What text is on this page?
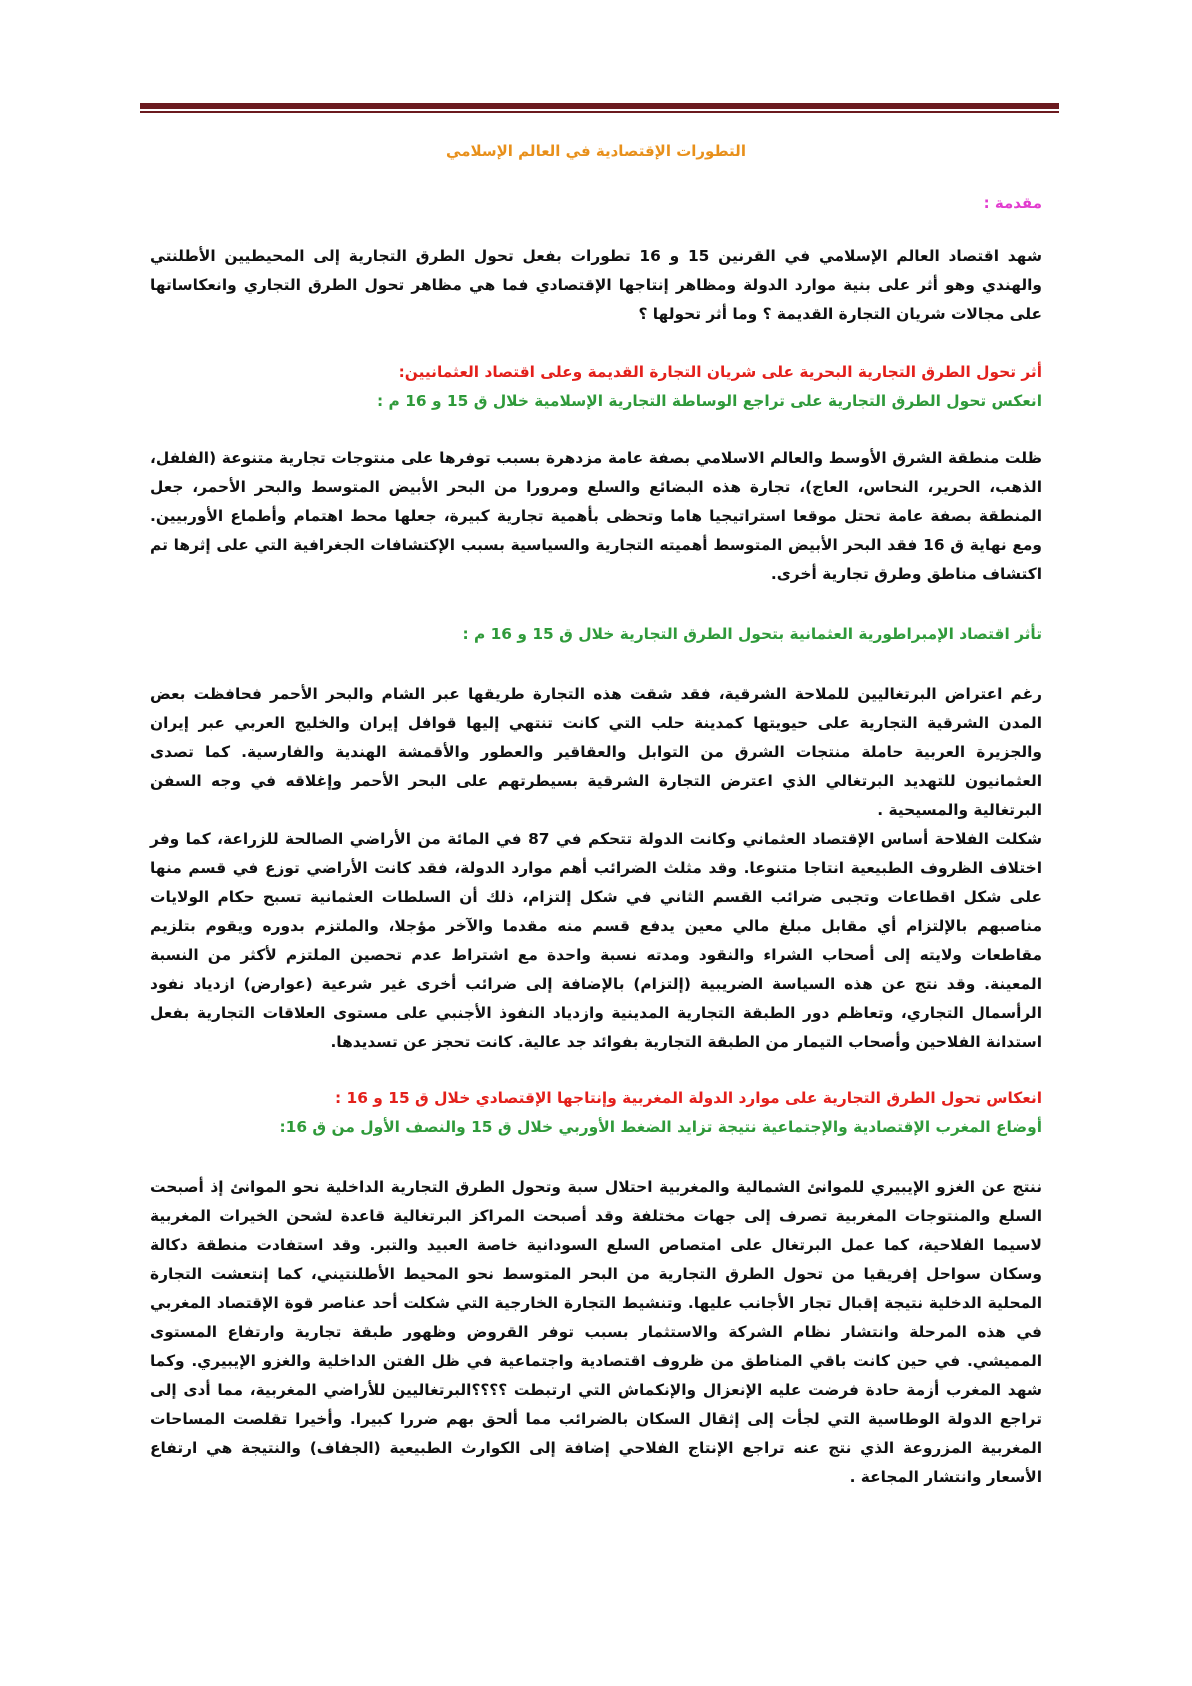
التطورات الإقتصادية في العالم الإسلامي
مقدمة :

شهد اقتصاد العالم الإسلامي في القرنين 15 و 16 تطورات بفعل تحول الطرق التجارية إلى المحيطيين الأطلنتي والهندي وهو أثر على بنية موارد الدولة ومظاهر إنتاجها الإقتصادي فما هي مظاهر تحول الطرق التجاري وانعكاساتها على مجالات شريان التجارة القديمة ؟ وما أثر تحولها ؟

أثر تحول الطرق التجارية البحرية على شريان التجارة القديمة وعلى اقتصاد العثمانيين:

انعكس تحول الطرق التجارية على تراجع الوساطة التجارية الإسلامية خلال ق 15 و 16 م :

ظلت منطقة الشرق الأوسط والعالم الاسلامي بصفة عامة مزدهرة بسبب توفرها على منتوجات تجارية متنوعة (الفلفل، الذهب، الحرير، النحاس، العاج)، تجارة هذه البضائع والسلع ومرورا من البحر الأبيض المتوسط والبحر الأحمر، جعل المنطقة بصفة عامة تحتل موقعا استراتيجيا هاما وتحظى بأهمية تجارية كبيرة، جعلها محط اهتمام وأطماع الأوربيين. ومع نهاية ق 16 فقد البحر الأبيض المتوسط أهميته التجارية والسياسية بسبب الإكتشافات الجغرافية التي على إثرها تم اكتشاف مناطق وطرق تجارية أخرى.

تأثر اقتصاد الإمبراطورية العثمانية بتحول الطرق التجارية خلال ق 15 و 16 م :

رغم اعتراض البرتغاليين للملاحة الشرقية، فقد شقت هذه التجارة طريقها عبر الشام والبحر الأحمر فحافظت بعض المدن الشرقية التجارية على حيويتها كمدينة حلب التي كانت تنتهي إليها قوافل إيران والخليج العربي عبر إيران والجزيرة العربية حاملة منتجات الشرق من التوابل والعقاقير والعطور والأقمشة الهندية والفارسية. كما تصدى العثمانيون للتهديد البرتغالي الذي اعترض التجارة الشرقية بسيطرتهم على البحر الأحمر وإغلاقه في وجه السفن البرتغالية والمسيحية .

شكلت الفلاحة أساس الإقتصاد العثماني وكانت الدولة تتحكم في 87 في المائة من الأراضي الصالحة للزراعة، كما وفر اختلاف الظروف الطبيعية انتاجا متنوعا. وقد مثلث الضرائب أهم موارد الدولة، فقد كانت الأراضي توزع في قسم منها على شكل اقطاعات وتجبى ضرائب القسم الثاني في شكل إلتزام، ذلك أن السلطات العثمانية تسبح حكام الولايات مناصبهم بالإلتزام أي مقابل مبلغ مالي معين يدفع قسم منه مقدما والآخر مؤجلا، والملتزم بدوره ويقوم بتلزيم مقاطعات ولايته إلى أصحاب الشراء والنقود ومدته نسبة واحدة مع اشتراط عدم تحصين الملتزم لأكثر من النسبة المعينة. وقد نتج عن هذه السياسة الضريبية (إلتزام) بالإضافة إلى ضرائب أخرى غير شرعية (عوارض) ازدياد نفود الرأسمال التجاري، وتعاظم دور الطبقة التجارية المدينية وازدياد النفوذ الأجنبي على مستوى العلاقات التجارية بفعل استدانة الفلاحين وأصحاب التيمار من الطبقة التجارية بفوائد جد عالية. كانت تحجز عن تسديدها.

انعكاس تحول الطرق التجارية على موارد الدولة المغربية وإنتاجها الإقتصادي خلال ق 15 و 16 :

أوضاع المغرب الإقتصادية والإجتماعية نتيجة تزايد الضغط الأوربي خلال ق 15 والنصف الأول من ق 16:

ننتج عن الغزو الإيبيري للموانئ الشمالية والمغربية احتلال سبة وتحول الطرق التجارية الداخلية نحو الموانئ إذ أصبحت السلع والمنتوجات المغربية تصرف إلى جهات مختلفة وقد أصبحت المراكز البرتغالية قاعدة لشحن الخيرات المغربية لاسيما الفلاحية، كما عمل البرتغال على امتصاص السلع السودانية خاصة العبيد والتبر. وقد استفادت منطقة دكالة وسكان سواحل إفريقيا من تحول الطرق التجارية من البحر المتوسط نحو المحيط الأطلنتيني، كما إنتعشت التجارة المحلية الدخلية نتيجة إقبال تجار الأجانب عليها. وتنشيط التجارة الخارجية التي شكلت أحد عناصر قوة الإقتصاد المغربي في هذه المرحلة وانتشار نظام الشركة والاستثمار بسبب توفر القروض وظهور طبقة تجارية وارتفاع المستوى المميشي. في حين كانت باقي المناطق من ظروف اقتصادية واجتماعية في ظل الفتن الداخلية والغزو الإيبيري. وكما شهد المغرب أزمة حادة فرضت عليه الإنعزال والإنكماش التي ارتبطت ؟؟؟؟البرتغاليين للأراضي المغربية، مما أدى إلى تراجع الدولة الوطاسية التي لجأت إلى إثقال السكان بالضرائب مما ألحق بهم ضررا كبيرا. وأخيرا تقلصت المساحات المغربية المزروعة الذي نتج عنه تراجع الإنتاج الفلاحي إضافة إلى الكوارث الطبيعية (الجفاف) والنتيجة هي ارتفاع الأسعار وانتشار المجاعة .
